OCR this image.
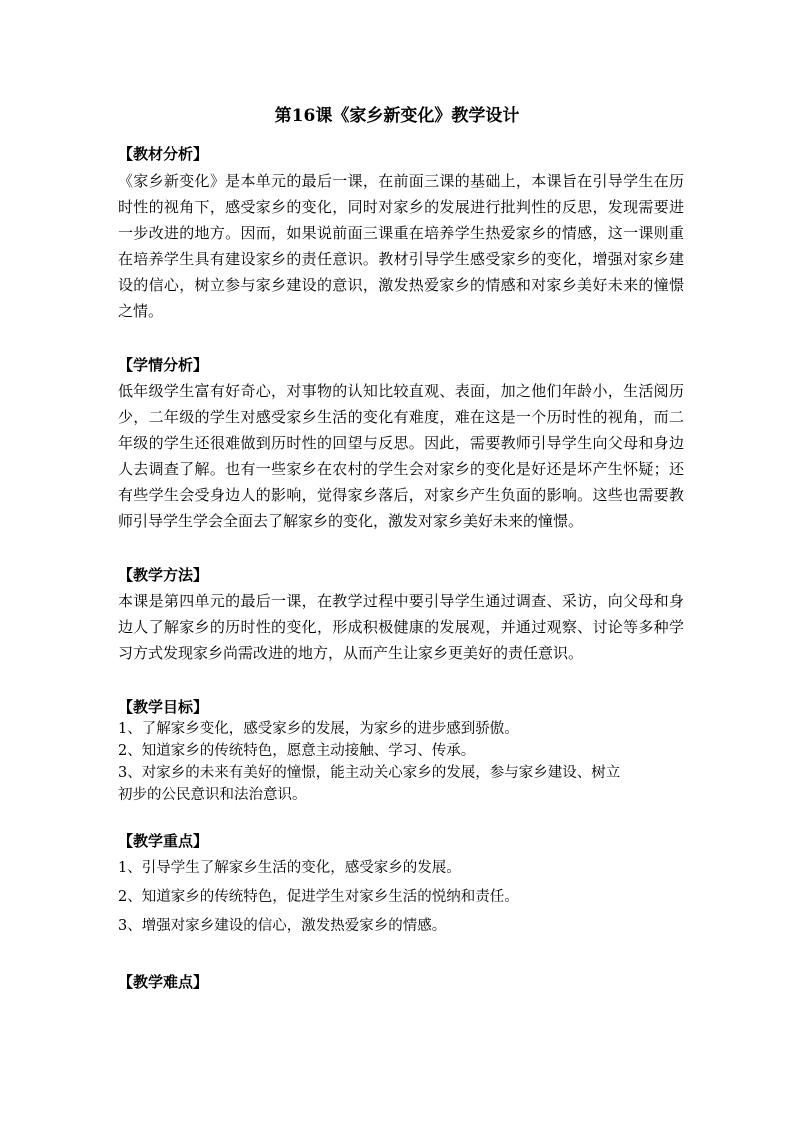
第16课《家乡新变化》教学设计
【教材分析】
《家乡新变化》是本单元的最后一课，在前面三课的基础上，本课旨在引导学生在历时性的视角下，感受家乡的变化，同时对家乡的发展进行批判性的反思，发现需要进一步改进的地方。因而，如果说前面三课重在培养学生热爱家乡的情感，这一课则重在培养学生具有建设家乡的责任意识。教材引导学生感受家乡的变化，增强对家乡建设的信心，树立参与家乡建设的意识，激发热爱家乡的情感和对家乡美好未来的憧憬之情。
【学情分析】
低年级学生富有好奇心，对事物的认知比较直观、表面，加之他们年龄小，生活阅历少，二年级的学生对感受家乡生活的变化有难度，难在这是一个历时性的视角，而二年级的学生还很难做到历时性的回望与反思。因此，需要教师引导学生向父母和身边人去调查了解。也有一些家乡在农村的学生会对家乡的变化是好还是坏产生怀疑；还有些学生会受身边人的影响，觉得家乡落后，对家乡产生负面的影响。这些也需要教师引导学生学会全面去了解家乡的变化，激发对家乡美好未来的憧憬。
【教学方法】
本课是第四单元的最后一课，在教学过程中要引导学生通过调查、采访，向父母和身边人了解家乡的历时性的变化，形成积极健康的发展观，并通过观察、讨论等多种学习方式发现家乡尚需改进的地方，从而产生让家乡更美好的责任意识。
【教学目标】
1、了解家乡变化，感受家乡的发展，为家乡的进步感到骄傲。
2、知道家乡的传统特色，愿意主动接触、学习、传承。
3、对家乡的未来有美好的憧憬，能主动关心家乡的发展，参与家乡建设、树立
初步的公民意识和法治意识。
【教学重点】
1、引导学生了解家乡生活的变化，感受家乡的发展。
2、知道家乡的传统特色，促进学生对家乡生活的悦纳和责任。
3、增强对家乡建设的信心，激发热爱家乡的情感。
【教学难点】
